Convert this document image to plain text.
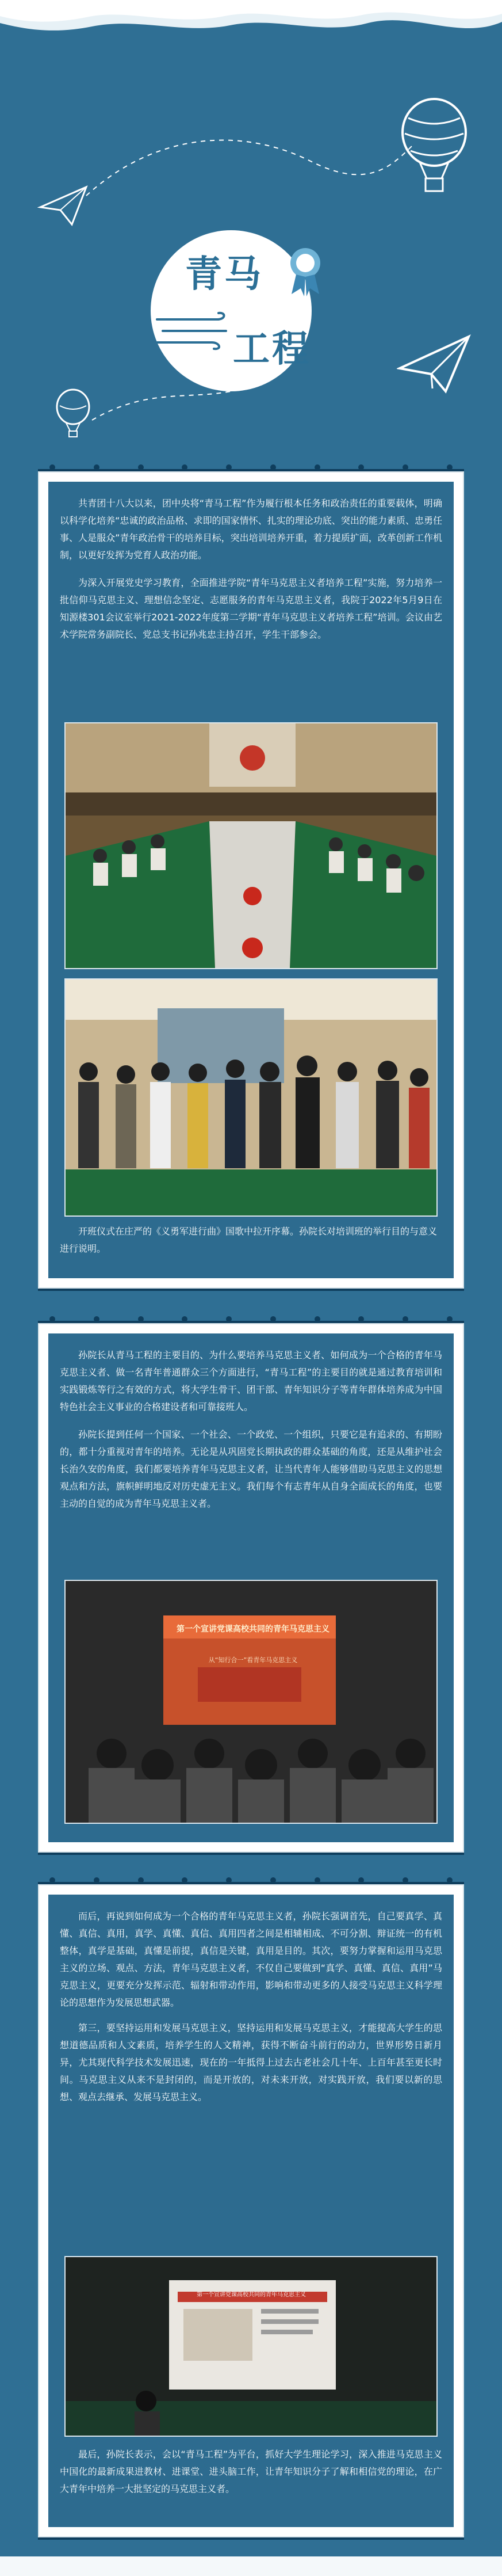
青马
工程

共青团十八大以来，团中央将“青马工程”作为履行根本任务和政治责任的重要载体，明确以科学化培养“忠诚的政治品格、求即的国家情怀、扎实的理论功底、突出的能力素质、忠勇任事、人是服众”青年政治骨干的培养目标，突出培训培养开重，着力提质扩面，改革创新工作机制，以更好发挥为党育人政治功能。

为深入开展党史学习教育，全面推进学院“青年马克思主义者培养工程”实施，努力培养一批信仰马克思主义、理想信念坚定、志愿服务的青年马克思主义者，我院于2022年5月9日在知源楼301会议室举行2021-2022年度第二学期“青年马克思主义者培养工程”培训。会议由艺术学院常务副院长、党总支书记孙兆忠主持召开，学生干部参会。

开班仪式在庄严的《义勇军进行曲》国歌中拉开序幕。孙院长对培训班的举行目的与意义进行说明。

孙院长从青马工程的主要目的、为什么要培养马克思主义者、如何成为一个合格的青年马克思主义者、做一名青年普通群众三个方面进行，“青马工程”的主要目的就是通过教育培训和实践锻炼等行之有效的方式，将大学生骨干、团干部、青年知识分子等青年群体培养成为中国特色社会主义事业的合格建设者和可靠接班人。

孙院长提到任何一个国家、一个社会、一个政党、一个组织，只要它是有追求的、有期盼的，都十分重视对青年的培养。无论是从巩固党长期执政的群众基础的角度，还是从维护社会长治久安的角度，我们都要培养青年马克思主义者，让当代青年人能够借助马克思主义的思想观点和方法，旗帜鲜明地反对历史虚无主义。我们每个有志青年从自身全面成长的角度，也要主动的自觉的成为青年马克思主义者。

第一个宣讲党课高校共同的青年马克思主义
从“知行合一”看青年马克思主义

而后，再说到如何成为一个合格的青年马克思主义者，孙院长强调首先，自己要真学、真懂、真信、真用，真学、真懂、真信、真用四者之间是相辅相成、不可分割、辩证统一的有机整体，真学是基础，真懂是前提，真信是关键，真用是目的。其次，要努力掌握和运用马克思主义的立场、观点、方法，青年马克思主义者，不仅自己要做到“真学、真懂、真信、真用”马克思主义，更要充分发挥示范、辐射和带动作用，影响和带动更多的人接受马克思主义科学理论的思想作为发展思想武器。

第三，要坚持运用和发展马克思主义，坚持运用和发展马克思主义，才能提高大学生的思想道德品质和人文素质，培养学生的人文精神，获得不断奋斗前行的动力，世界形势日新月异，尤其现代科学技术发展迅速，现在的一年抵得上过去古老社会几十年、上百年甚至更长时间。马克思主义从来不是封闭的，而是开放的，对未来开放，对实践开放，我们要以新的思想、观点去继承、发展马克思主义。

第一个宣讲党课高校共同的青年马克思主义

最后，孙院长表示，会以“青马工程”为平台，抓好大学生理论学习，深入推进马克思主义中国化的最新成果进教材、进课堂、进头脑工作，让青年知识分子了解和相信党的理论，在广大青年中培养一大批坚定的马克思主义者。
